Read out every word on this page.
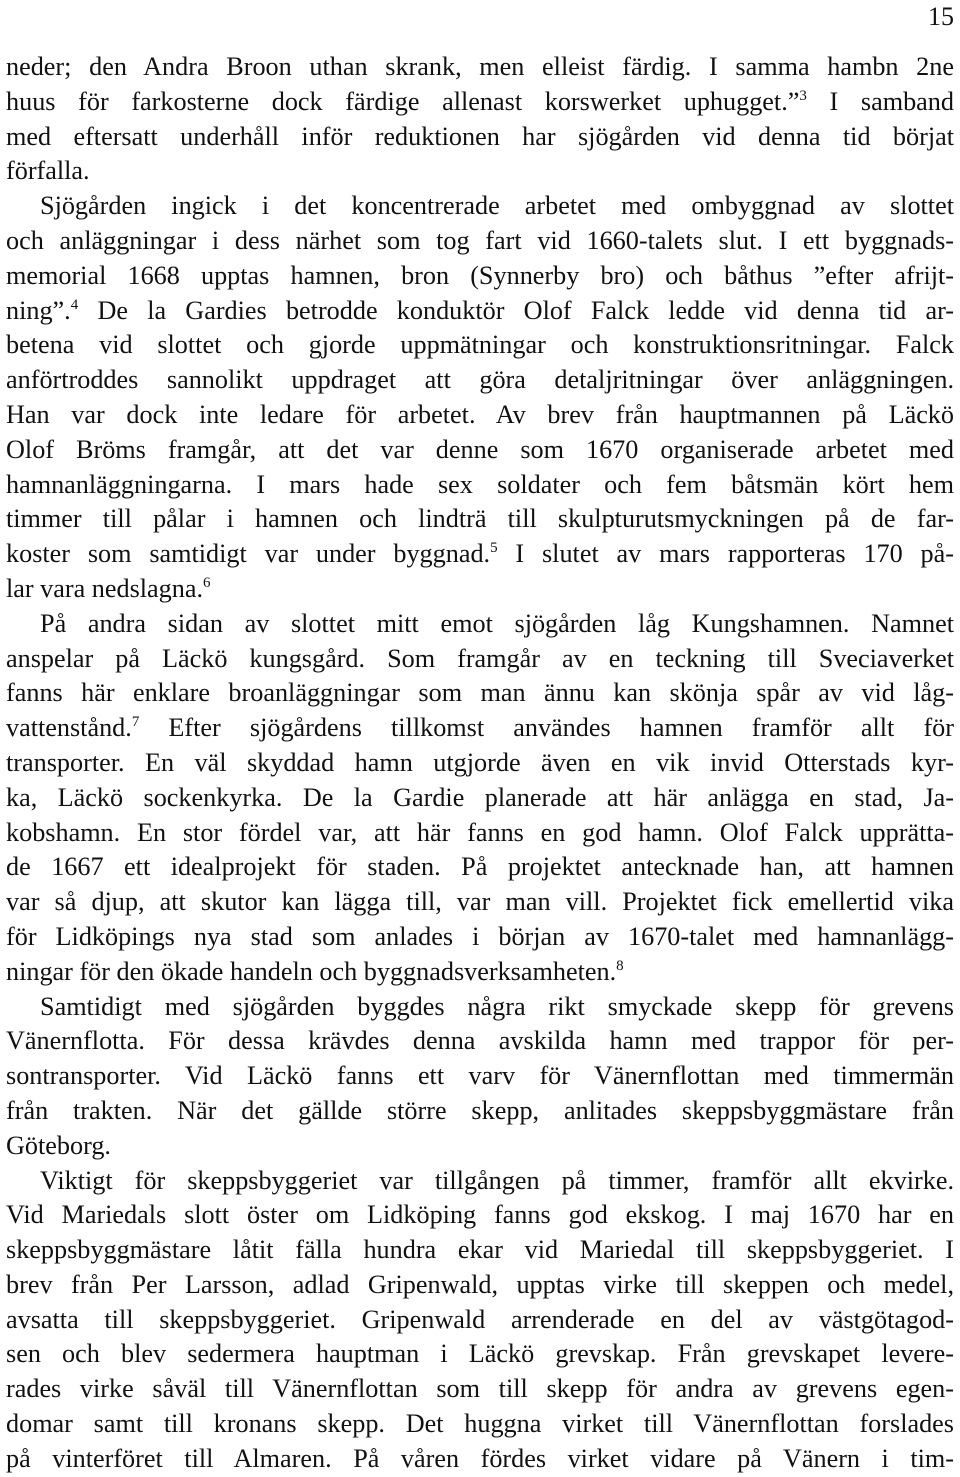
15
neder; den Andra Broon uthan skrank, men elleist färdig. I samma hambn 2ne
huus för farkosterne dock färdige allenast korswerket uphugget.”$^3$ I samband
med eftersatt underhåll inför reduktionen har sjögården vid denna tid börjat
förfalla.
Sjögården ingick i det koncentrerade arbetet med ombyggnad av slottet
och anläggningar i dess närhet som tog fart vid 1660-talets slut. I ett byggnads-
memorial 1668 upptas hamnen, bron (Synnerby bro) och båthus ”efter afrijt-
ning”.$^4$ De la Gardies betrodde konduktör Olof Falck ledde vid denna tid ar-
betena vid slottet och gjorde uppmätningar och konstruktionsritningar. Falck
anförtroddes sannolikt uppdraget att göra detaljritningar över anläggningen.
Han var dock inte ledare för arbetet. Av brev från hauptmannen på Läckö
Olof Bröms framgår, att det var denne som 1670 organiserade arbetet med
hamnanläggningarna. I mars hade sex soldater och fem båtsmän kört hem
timmer till pålar i hamnen och lindträ till skulpturutsmyckningen på de far-
koster som samtidigt var under byggnad.$^5$ I slutet av mars rapporteras 170 på-
lar vara nedslagna.$^6$
På andra sidan av slottet mitt emot sjögården låg Kungshamnen. Namnet
anspelar på Läckö kungsgård. Som framgår av en teckning till Sveciaverket
fanns här enklare broanläggningar som man ännu kan skönja spår av vid låg-
vattenstånd.$^7$ Efter sjögårdens tillkomst användes hamnen framför allt för
transporter. En väl skyddad hamn utgjorde även en vik invid Otterstads kyr-
ka, Läckö sockenkyrka. De la Gardie planerade att här anlägga en stad, Ja-
kobshamn. En stor fördel var, att här fanns en god hamn. Olof Falck upprätta-
de 1667 ett idealprojekt för staden. På projektet antecknade han, att hamnen
var så djup, att skutor kan lägga till, var man vill. Projektet fick emellertid vika
för Lidköpings nya stad som anlades i början av 1670-talet med hamnanlägg-
ningar för den ökade handeln och byggnadsverksamheten.$^8$
Samtidigt med sjögården byggdes några rikt smyckade skepp för grevens
Vänernflotta. För dessa krävdes denna avskilda hamn med trappor för per-
sontransporter. Vid Läckö fanns ett varv för Vänernflottan med timmermän
från trakten. När det gällde större skepp, anlitades skeppsbyggmästare från
Göteborg.
Viktigt för skeppsbyggeriet var tillgången på timmer, framför allt ekvirke.
Vid Mariedals slott öster om Lidköping fanns god ekskog. I maj 1670 har en
skeppsbyggmästare låtit fälla hundra ekar vid Mariedal till skeppsbyggeriet. I
brev från Per Larsson, adlad Gripenwald, upptas virke till skeppen och medel,
avsatta till skeppsbyggeriet. Gripenwald arrenderade en del av västgötagod-
sen och blev sedermera hauptman i Läckö grevskap. Från grevskapet levere-
rades virke såväl till Vänernflottan som till skepp för andra av grevens egen-
domar samt till kronans skepp. Det huggna virket till Vänernflottan forslades
på vinterföret till Almaren. På våren fördes virket vidare på Vänern i tim-
